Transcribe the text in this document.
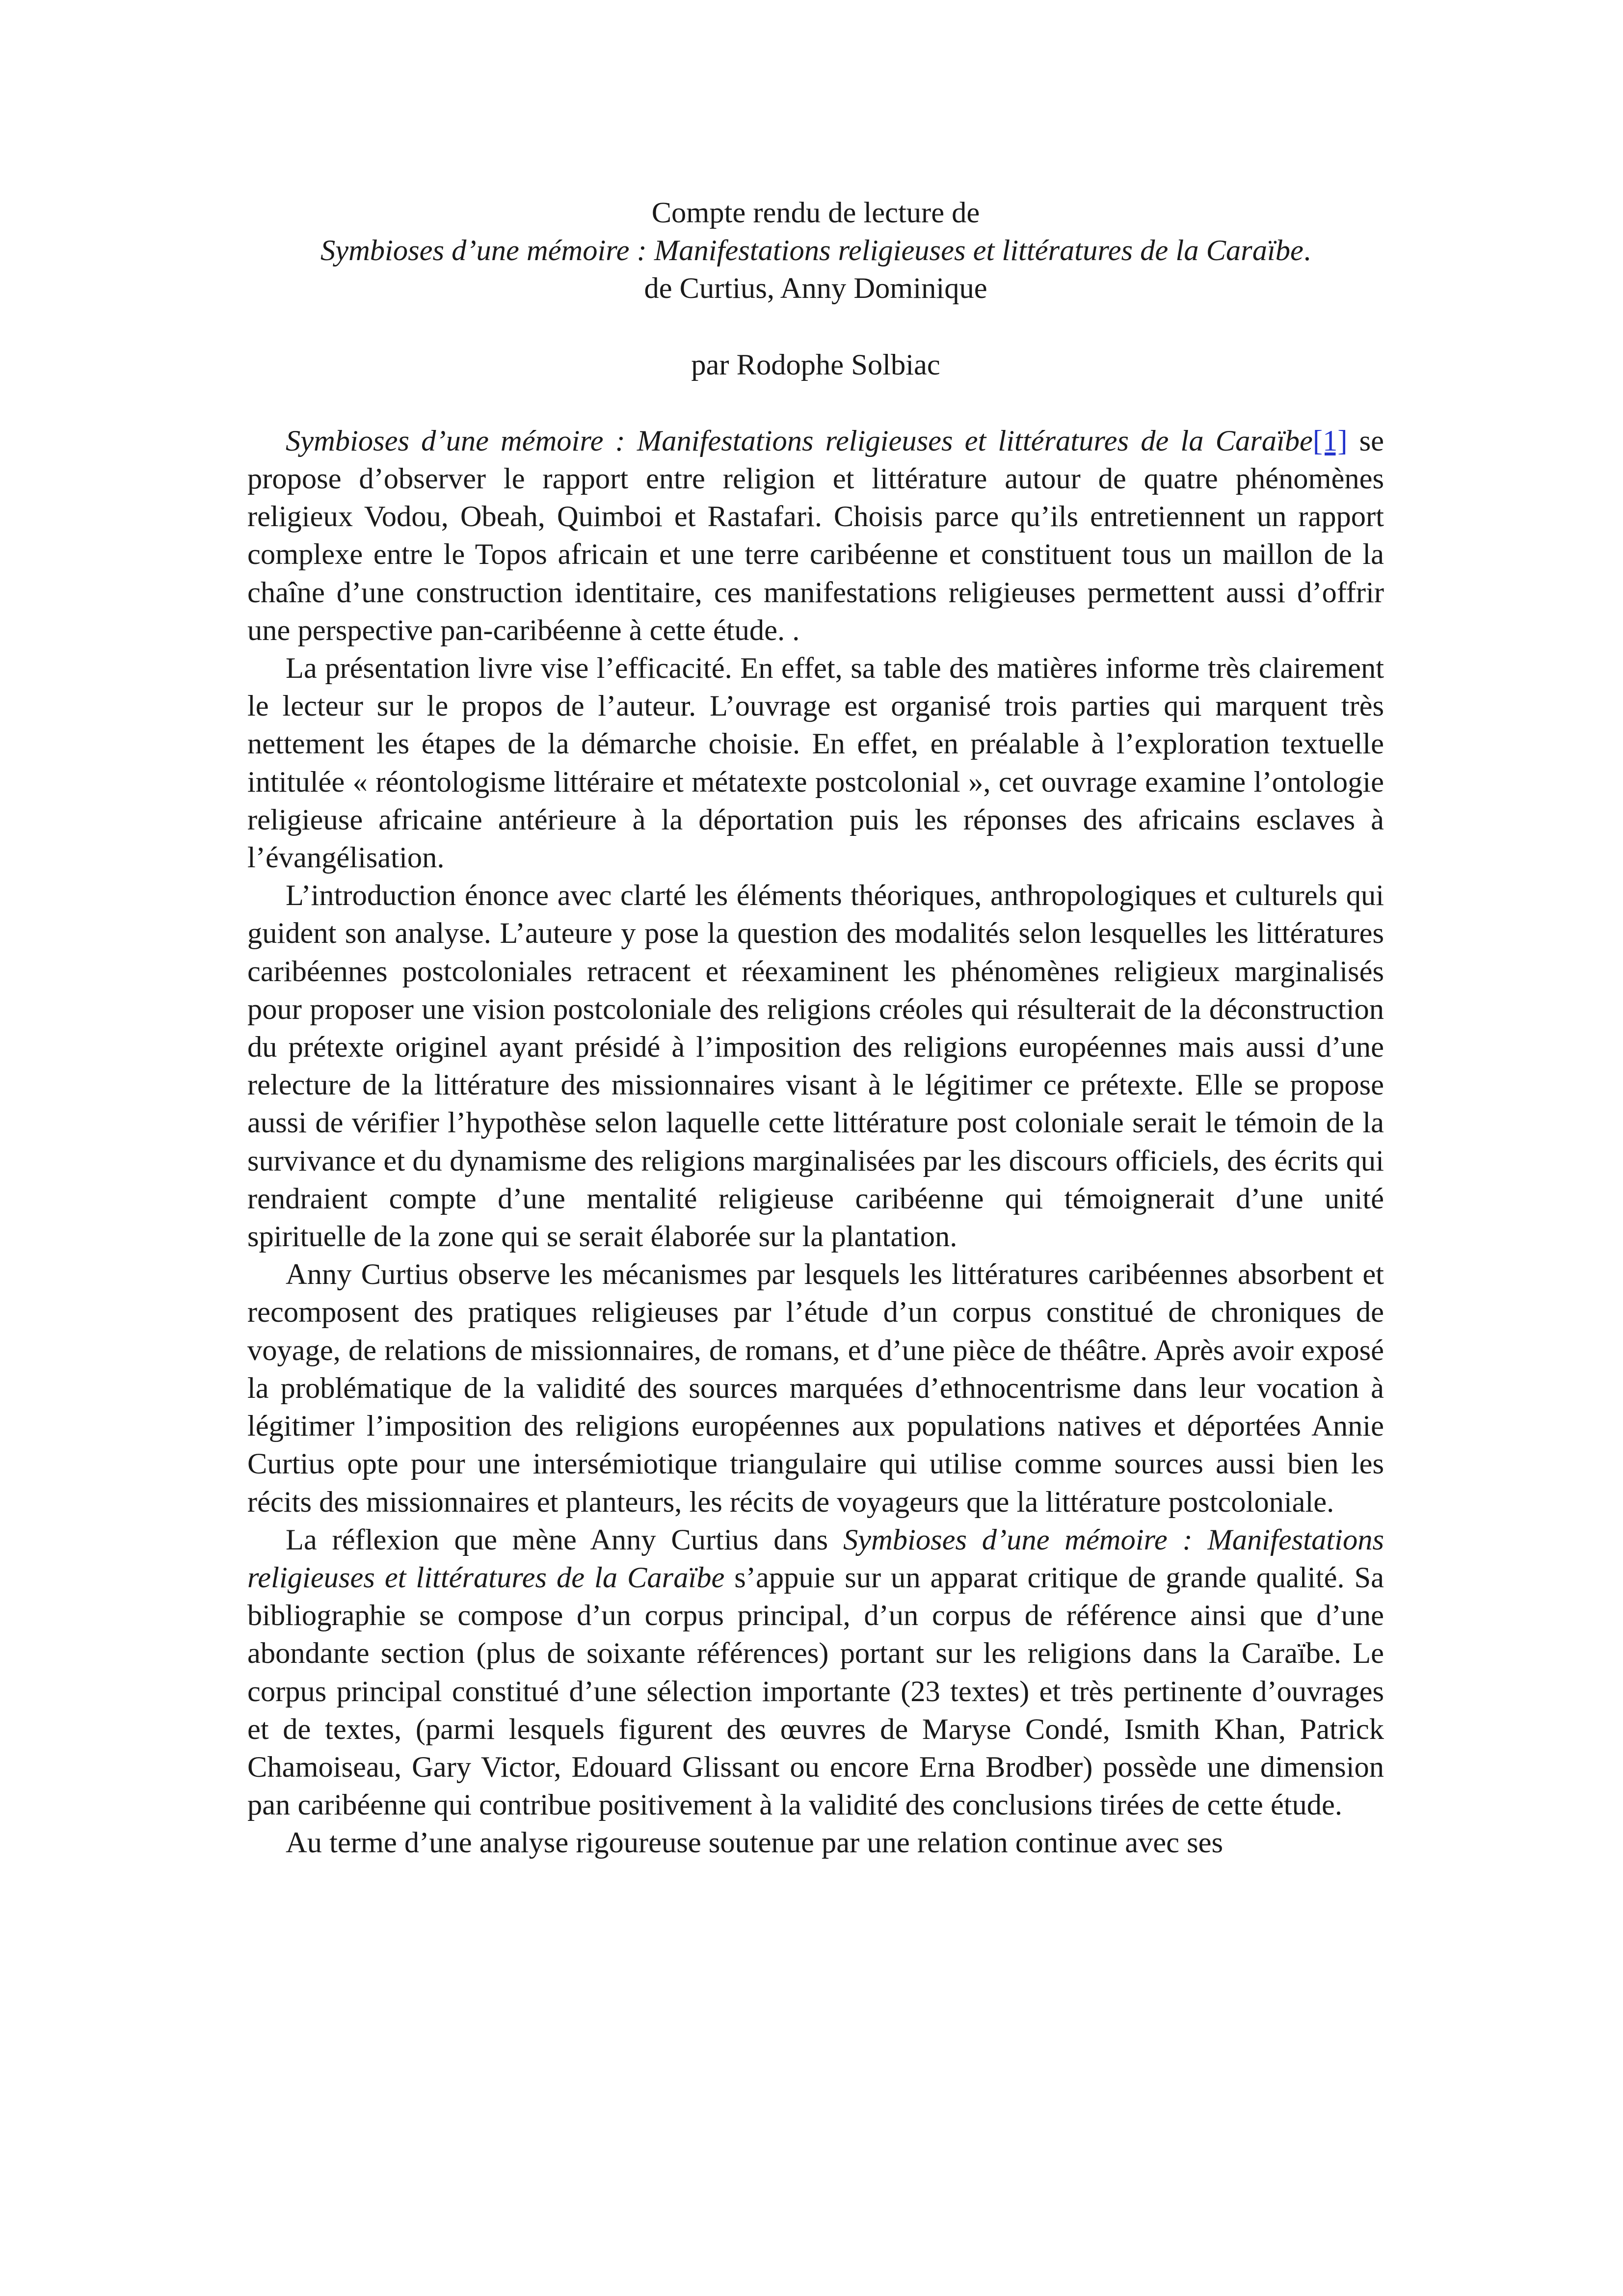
Compte rendu de lecture de
Symbioses d’une mémoire : Manifestations religieuses et littératures de la Caraïbe.
de Curtius, Anny Dominique
par Rodophe Solbiac

Symbioses d’une mémoire : Manifestations religieuses et littératures de la Caraïbe[1] se propose d’observer le rapport entre religion et littérature autour de quatre phénomènes religieux Vodou, Obeah, Quimboi et Rastafari. Choisis parce qu’ils entretiennent un rapport complexe entre le Topos africain et une terre caribéenne et constituent tous un maillon de la chaîne d’une construction identitaire, ces manifestations religieuses permettent aussi d’offrir une perspective pan-caribéenne à cette étude. .

La présentation livre vise l’efficacité. En effet, sa table des matières informe très clairement le lecteur sur le propos de l’auteur. L’ouvrage est organisé trois parties qui marquent très nettement les étapes de la démarche choisie. En effet, en préalable à l’exploration textuelle intitulée « réontologisme littéraire et métatexte postcolonial », cet ouvrage examine l’ontologie religieuse africaine antérieure à la déportation puis les réponses des africains esclaves à l’évangélisation.

L’introduction énonce avec clarté les éléments théoriques, anthropologiques et culturels qui guident son analyse. L’auteure y pose la question des modalités selon lesquelles les littératures caribéennes postcoloniales retracent et réexaminent les phénomènes religieux marginalisés pour proposer une vision postcoloniale des religions créoles qui résulterait de la déconstruction du prétexte originel ayant présidé à l’imposition des religions européennes mais aussi d’une relecture de la littérature des missionnaires visant à le légitimer ce prétexte. Elle se propose aussi de vérifier l’hypothèse selon laquelle cette littérature post coloniale serait le témoin de la survivance et du dynamisme des religions marginalisées par les discours officiels, des écrits qui rendraient compte d’une mentalité religieuse caribéenne qui témoignerait d’une unité spirituelle de la zone qui se serait élaborée sur la plantation.

Anny Curtius observe les mécanismes par lesquels les littératures caribéennes absorbent et recomposent des pratiques religieuses par l’étude d’un corpus constitué de chroniques de voyage, de relations de missionnaires, de romans, et d’une pièce de théâtre. Après avoir exposé la problématique de la validité des sources marquées d’ethnocentrisme dans leur vocation à légitimer l’imposition des religions européennes aux populations natives et déportées Annie Curtius opte pour une intersémiotique triangulaire qui utilise comme sources aussi bien les récits des missionnaires et planteurs, les récits de voyageurs que la littérature postcoloniale.

La réflexion que mène Anny Curtius dans Symbioses d’une mémoire : Manifestations religieuses et littératures de la Caraïbe s’appuie sur un apparat critique de grande qualité. Sa bibliographie se compose d’un corpus principal, d’un corpus de référence ainsi que d’une abondante section (plus de soixante références) portant sur les religions dans la Caraïbe. Le corpus principal constitué d’une sélection importante (23 textes) et très pertinente d’ouvrages et de textes, (parmi lesquels figurent des œuvres de Maryse Condé, Ismith Khan, Patrick Chamoiseau, Gary Victor, Edouard Glissant ou encore Erna Brodber) possède une dimension pan caribéenne qui contribue positivement à la validité des conclusions tirées de cette étude.

Au terme d’une analyse rigoureuse soutenue par une relation continue avec ses
